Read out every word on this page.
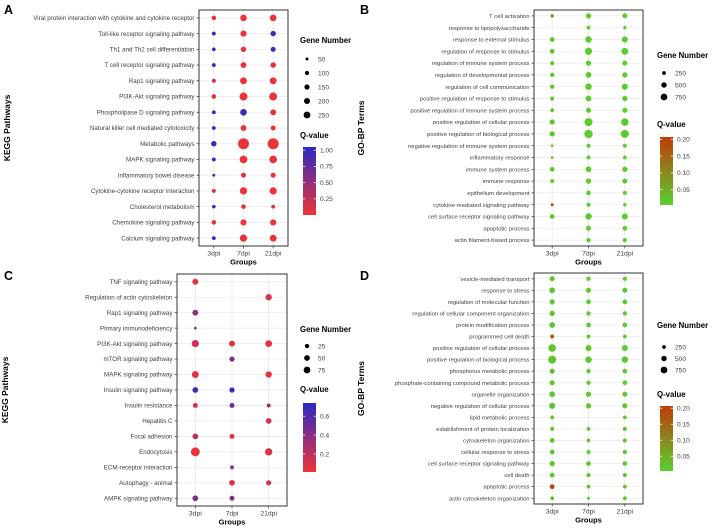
Viral protein interaction with cytokine and cytokine receptor
Toll-like receptor signaling pathway
Th1 and Th2 cell differentiation
T cell receptor signaling pathway
Rap1 signaling pathway
PI3K-Akt signaling pathway
Phospholipase D signaling pathway
Natural killer cell mediated cytotoxicity
Metabolic pathways
MAPK signaling pathway
Inflammatory bowel disease
Cytokine-cytokine receptor interaction
Cholesterol metabolism
Chemokine signaling pathway
Calcium signaling pathway
3dpi 7dpi 21dpi
Groups
KEGG Pathways
A
Gene Number
50
100
150
200
250
Q-value
1.00
0.75
0.50
0.25
T cell activation
response to lipopolysaccharide
response to external stimulus
regulation of response to stimulus
regulation of immune system process
regulation of developmental process
regulation of cell communication
positive regulation of response to stimulus
positive regulation of immune system process
positive regulation of cellular process
positive regulation of biological process
negative regulation of immune system process
inflammatory response
immune system process
immune response
epithelium development
cytokine-mediated signaling pathway
cell surface receptor signaling pathway
apoptotic process
actin filament-based process
3dpi	7dpi	21dpi
Groups
GO-BP Terms
B
Gene Number
250
500
750
Q-value
0.20
0.15
0.10
0.05
TNF signaling pathway
Regulation of actin cytoskeleton
Rap1 signaling pathway
Primary immunodeficiency
PI3K-Akt signaling pathway
mTOR signaling pathway
MAPK signaling pathway
Insulin signaling pathway
Insulin resistance
Hepatitis C
Focal adhesion
Endocytosis
ECM-receptor interaction
Autophagy - animal
AMPK signaling pathway
3dpi	7dpi	21dpi
Groups
KEGG Pathways
C
Gene Number
25
50
75
Q-value
0.6
0.4
0.2
vesicle-mediated transport
response to stress
regulation of molecular function
regulation of cellular component organization
protein modification process
programmed cell death
positive regulation of cellular process
positive regulation of biological process
phosphorus metabolic process
phosphate-containing compound metabolic process
organelle organization
negative regulation of cellular process
lipid metabolic process
establishment of protein localization
cytoskeleton organization
cellular response to stress
cell surface receptor signaling pathway
cell death
apoptotic process
actin cytoskeleton organization
3dpi	7dpi	21dpi
Groups
GO-BP Terms
D
Gene Number
250
500
750
Q-value
0.20
0.15
0.10
0.05
